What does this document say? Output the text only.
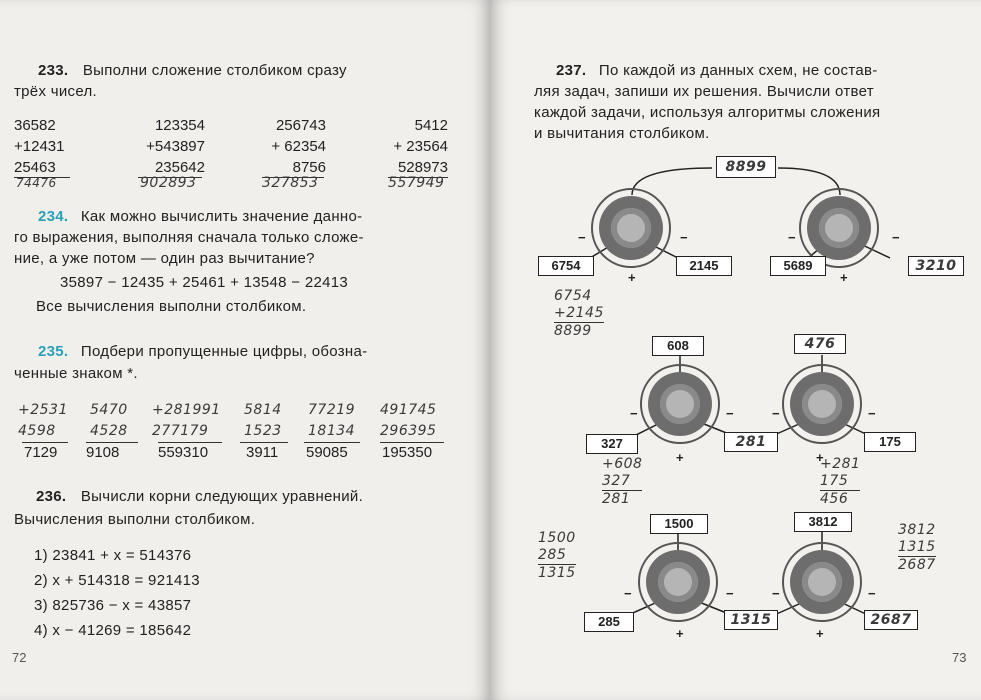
233. Выполни сложение столбиком сразу
трёх чисел.
36582
+12431
25463
74476
123354
+543897
235642
902893
256743
+ 62354
8756
327853
5412
+ 23564
528973
557949
234. Как можно вычислить значение данно-
го выражения, выполняя сначала только сложе-
ние, а уже потом — один раз вычитание?
35897 − 12435 + 25461 + 13548 − 22413
Все вычисления выполни столбиком.
235. Подбери пропущенные цифры, обозна-
ченные знаком *.
+2531
4598
7129
5470
4528
9108
+281991
277179
559310
5814
1523
3911
77219
18134
59085
491745
296395
195350
236. Вычисли корни следующих уравнений.
Вычисления выполни столбиком.
1) 23841 + x = 514376
2) x + 514318 = 921413
3) 825736 − x = 43857
4) x − 41269 = 185642
72
237. По каждой из данных схем, не состав-
ляя задач, запиши их решения. Вычисли ответ
каждой задачи, используя алгоритмы сложения
и вычитания столбиком.
8899
6754	2145	5689	3210
+	+
−	−	−	−
6754
+2145
8899
608	476
327	281	175
+	+
−	−	−	−
+608
327
281
+281
175
456
1500	3812
285	1315	2687
+	+
−	−	−	−
1500
285
1315
3812
1315
2687
73
